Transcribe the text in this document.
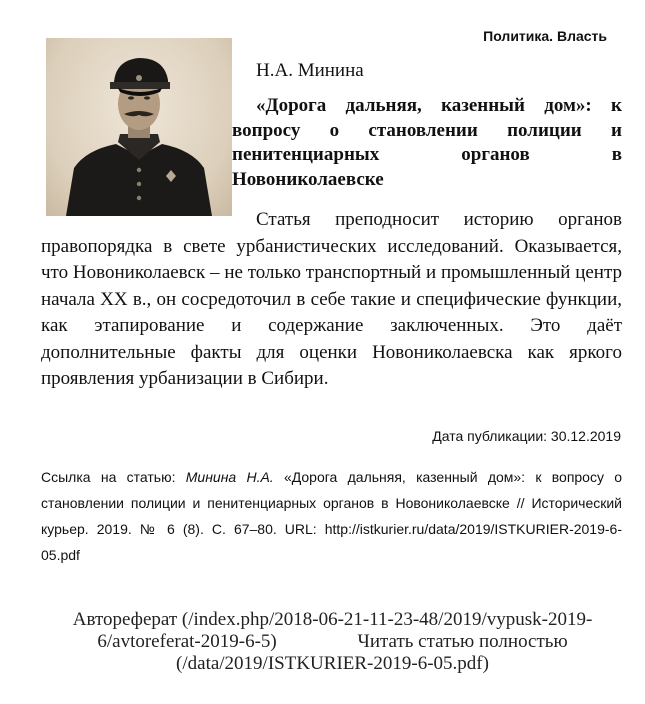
Политика. Власть
Н.А. Минина
«Дорога дальняя, казенный дом»: к вопросу о становлении полиции и пенитенциарных органов в Новониколаевске
Статья преподносит историю органов правопорядка в свете урбанистических исследований. Оказывается, что Новониколаевск – не только транспортный и промышленный центр начала XX в., он сосредоточил в себе такие и специфические функции, как этапирование и содержание заключенных. Это даёт дополнительные факты для оценки Новониколаевска как яркого проявления урбанизации в Сибири.
Дата публикации: 30.12.2019
Ссылка на статью: Минина Н.А. «Дорога дальняя, казенный дом»: к вопросу о становлении полиции и пенитенциарных органов в Новониколаевске // Исторический курьер. 2019. № 6 (8). С. 67–80. URL: http://istkurier.ru/data/2019/ISTKURIER-2019-6-05.pdf
Автореферат (/index.php/2018-06-21-11-23-48/2019/vypusk-2019-6/avtoreferat-2019-6-5)	Читать статью полностью (/data/2019/ISTKURIER-2019-6-05.pdf)
